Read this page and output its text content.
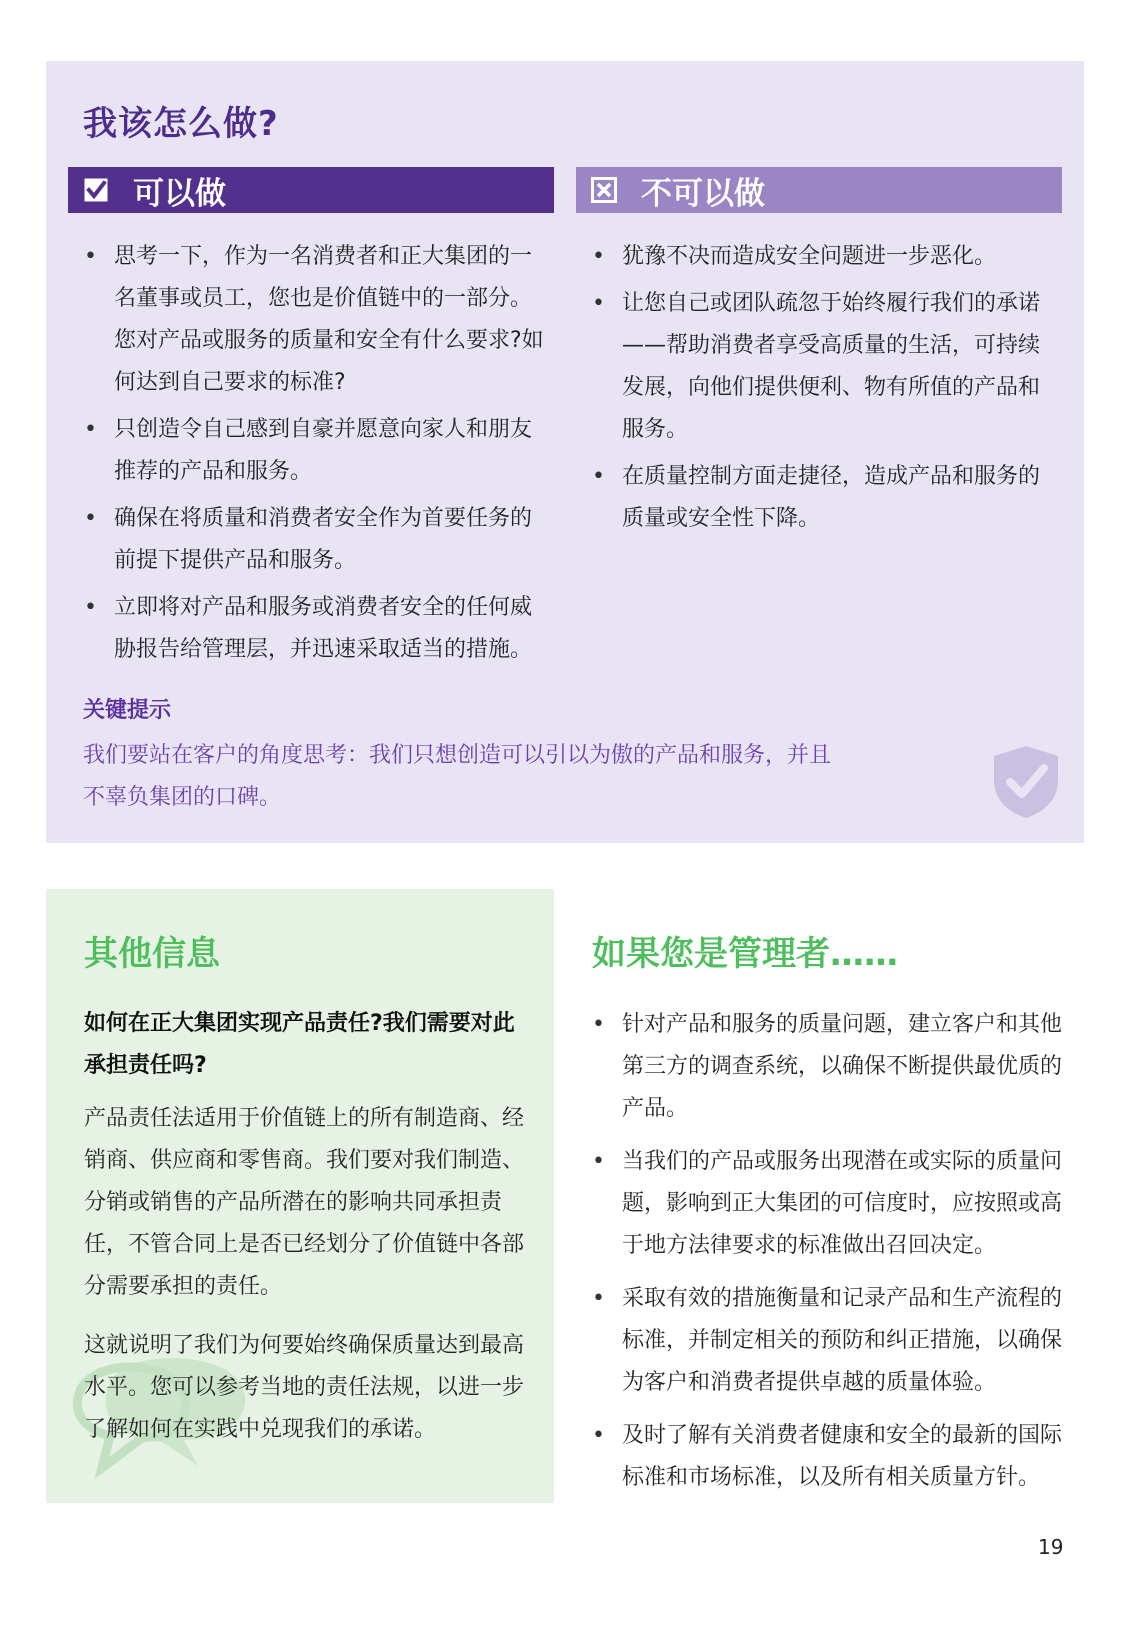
我该怎么做?
可以做	不可以做
• 思考一下，作为一名消费者和正大集团的一名董事或员工，您也是价值链中的一部分。您对产品或服务的质量和安全有什么要求?如何达到自己要求的标准?
• 只创造令自己感到自豪并愿意向家人和朋友推荐的产品和服务。
• 确保在将质量和消费者安全作为首要任务的前提下提供产品和服务。
• 立即将对产品和服务或消费者安全的任何威胁报告给管理层，并迅速采取适当的措施。
• 犹豫不决而造成安全问题进一步恶化。
• 让您自己或团队疏忽于始终履行我们的承诺——帮助消费者享受高质量的生活，可持续发展，向他们提供便利、物有所值的产品和服务。
• 在质量控制方面走捷径，造成产品和服务的质量或安全性下降。
关键提示

我们要站在客户的角度思考：我们只想创造可以引以为傲的产品和服务，并且不辜负集团的口碑。

其他信息

如何在正大集团实现产品责任?我们需要对此承担责任吗?

产品责任法适用于价值链上的所有制造商、经销商、供应商和零售商。我们要对我们制造、分销或销售的产品所潜在的影响共同承担责任，不管合同上是否已经划分了价值链中各部分需要承担的责任。

这就说明了我们为何要始终确保质量达到最高水平。您可以参考当地的责任法规，以进一步了解如何在实践中兑现我们的承诺。

如果您是管理者……
• 针对产品和服务的质量问题，建立客户和其他第三方的调查系统，以确保不断提供最优质的产品。
• 当我们的产品或服务出现潜在或实际的质量问题，影响到正大集团的可信度时，应按照或高于地方法律要求的标准做出召回决定。
• 采取有效的措施衡量和记录产品和生产流程的标准，并制定相关的预防和纠正措施，以确保为客户和消费者提供卓越的质量体验。
• 及时了解有关消费者健康和安全的最新的国际标准和市场标准，以及所有相关质量方针。
19
